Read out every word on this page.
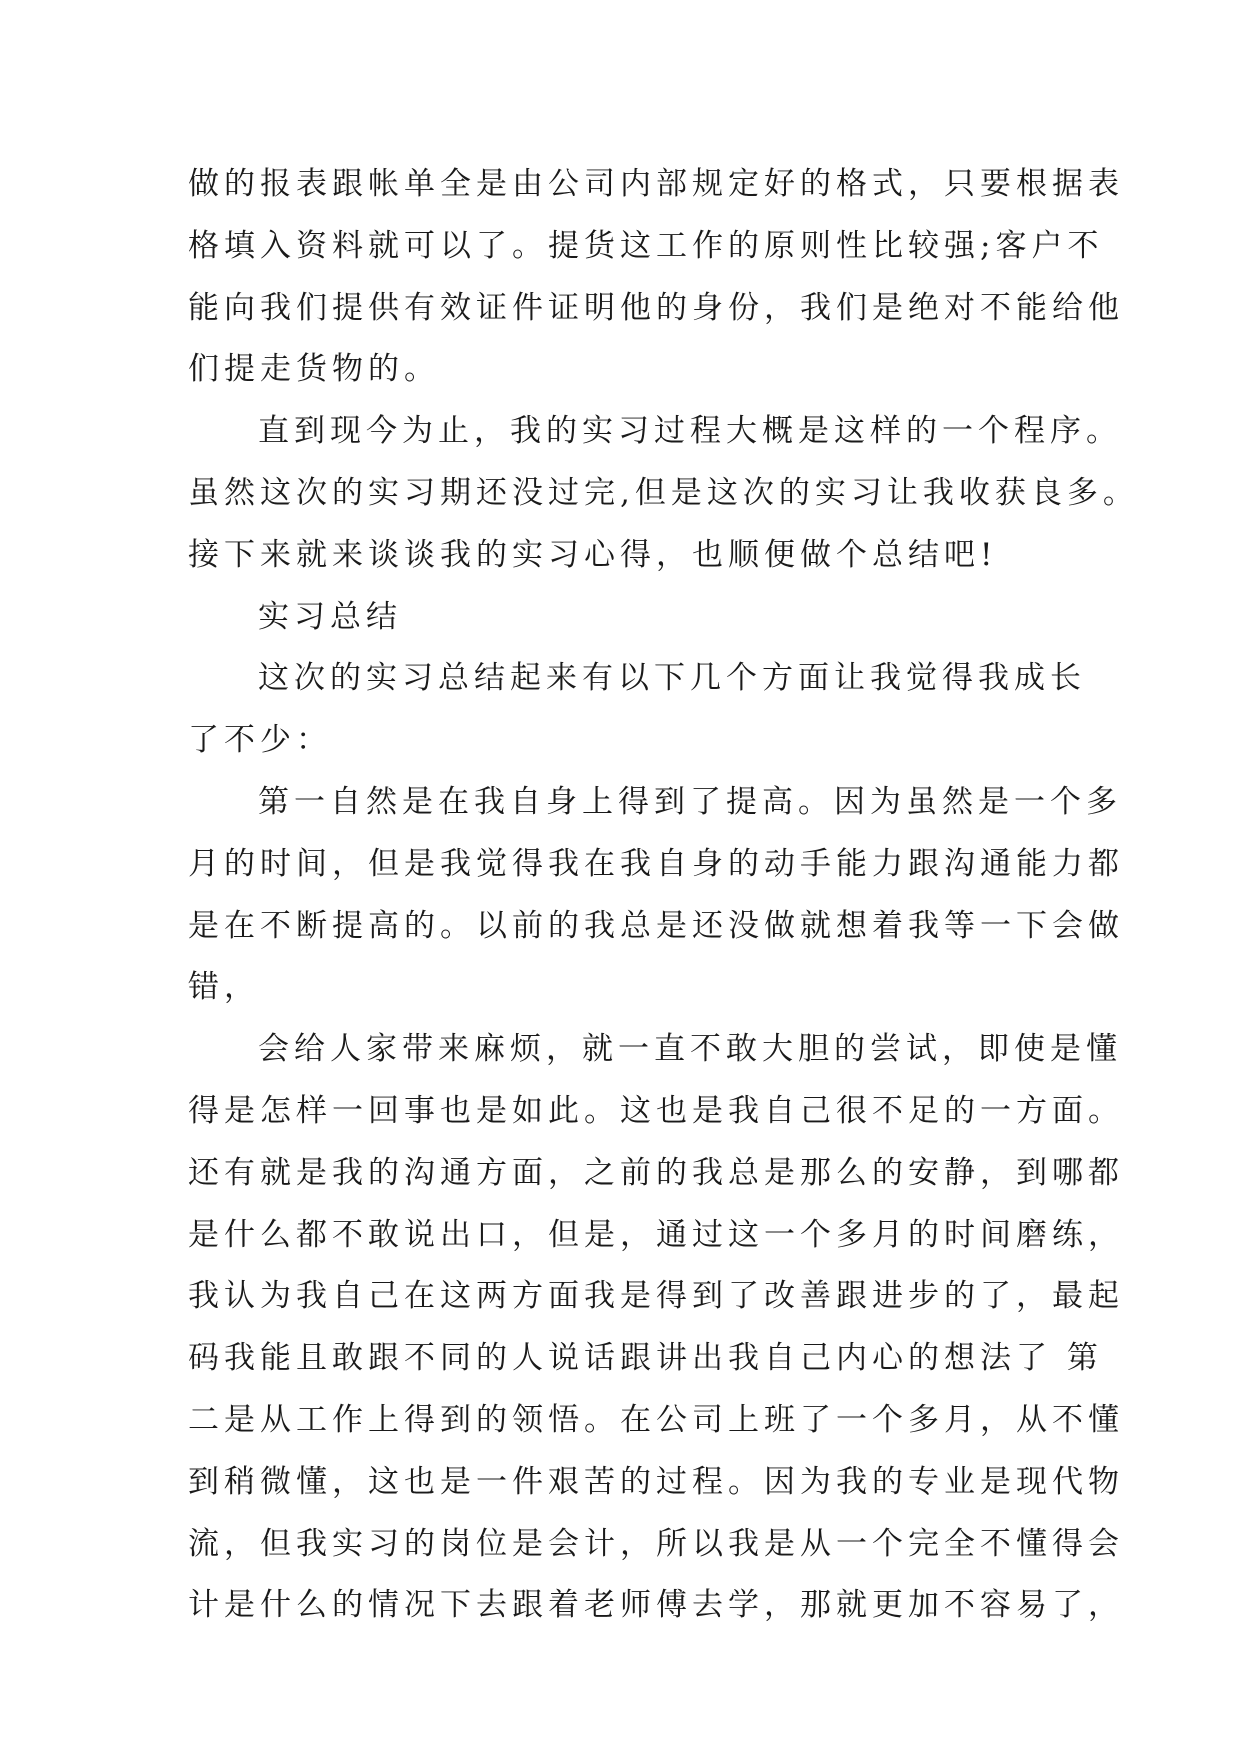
做的报表跟帐单全是由公司内部规定好的格式，只要根据表
格填入资料就可以了。提货这工作的原则性比较强;客户不
能向我们提供有效证件证明他的身份，我们是绝对不能给他
们提走货物的。
直到现今为止，我的实习过程大概是这样的一个程序。
虽然这次的实习期还没过完,但是这次的实习让我收获良多。
接下来就来谈谈我的实习心得，也顺便做个总结吧!
实习总结
这次的实习总结起来有以下几个方面让我觉得我成长
了不少：
第一自然是在我自身上得到了提高。因为虽然是一个多
月的时间，但是我觉得我在我自身的动手能力跟沟通能力都
是在不断提高的。以前的我总是还没做就想着我等一下会做
错，
会给人家带来麻烦，就一直不敢大胆的尝试，即使是懂
得是怎样一回事也是如此。这也是我自己很不足的一方面。
还有就是我的沟通方面，之前的我总是那么的安静，到哪都
是什么都不敢说出口，但是，通过这一个多月的时间磨练，
我认为我自己在这两方面我是得到了改善跟进步的了，最起
码我能且敢跟不同的人说话跟讲出我自己内心的想法了 第
二是从工作上得到的领悟。在公司上班了一个多月，从不懂
到稍微懂，这也是一件艰苦的过程。因为我的专业是现代物
流，但我实习的岗位是会计，所以我是从一个完全不懂得会
计是什么的情况下去跟着老师傅去学，那就更加不容易了，
